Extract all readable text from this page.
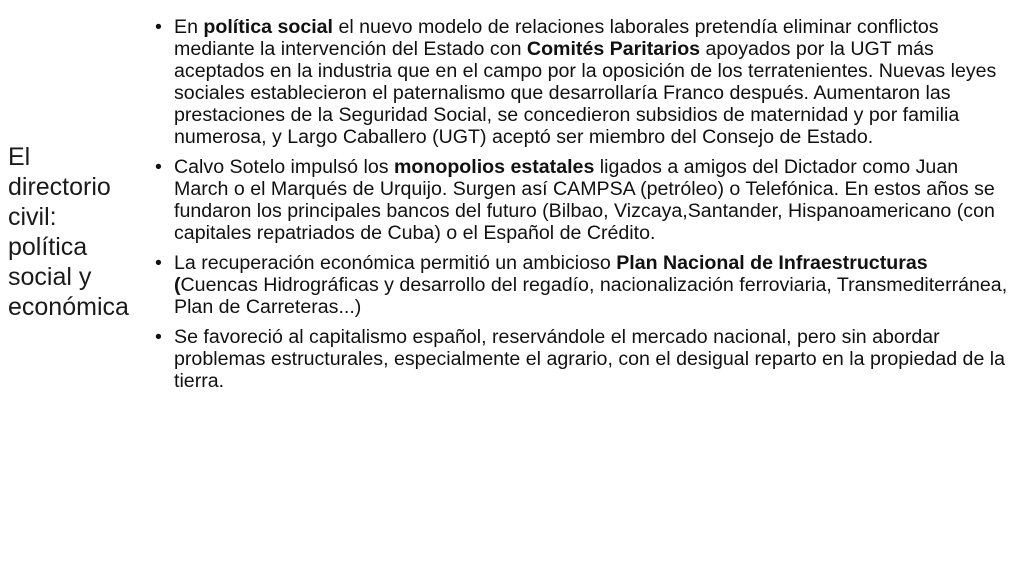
El
directorio
civil:
política
social y
económica
• En política social el nuevo modelo de relaciones laborales pretendía eliminar conflictos mediante la intervención del Estado con Comités Paritarios apoyados por la UGT más aceptados en la industria que en el campo por la oposición de los terratenientes. Nuevas leyes sociales establecieron el paternalismo que desarrollaría Franco después. Aumentaron las prestaciones de la Seguridad Social, se concedieron subsidios de maternidad y por familia numerosa, y Largo Caballero (UGT) aceptó ser miembro del Consejo de Estado.
• Calvo Sotelo impulsó los monopolios estatales ligados a amigos del Dictador como Juan March o el Marqués de Urquijo. Surgen así CAMPSA (petróleo) o Telefónica. En estos años se fundaron los principales bancos del futuro (Bilbao, Vizcaya,Santander, Hispanoamericano (con capitales repatriados de Cuba) o el Español de Crédito.
• La recuperación económica permitió un ambicioso Plan Nacional de Infraestructuras (Cuencas Hidrográficas y desarrollo del regadío, nacionalización ferroviaria, Transmediterránea, Plan de Carreteras...)
• Se favoreció al capitalismo español, reservándole el mercado nacional, pero sin abordar problemas estructurales, especialmente el agrario, con el desigual reparto en la propiedad de la tierra.
